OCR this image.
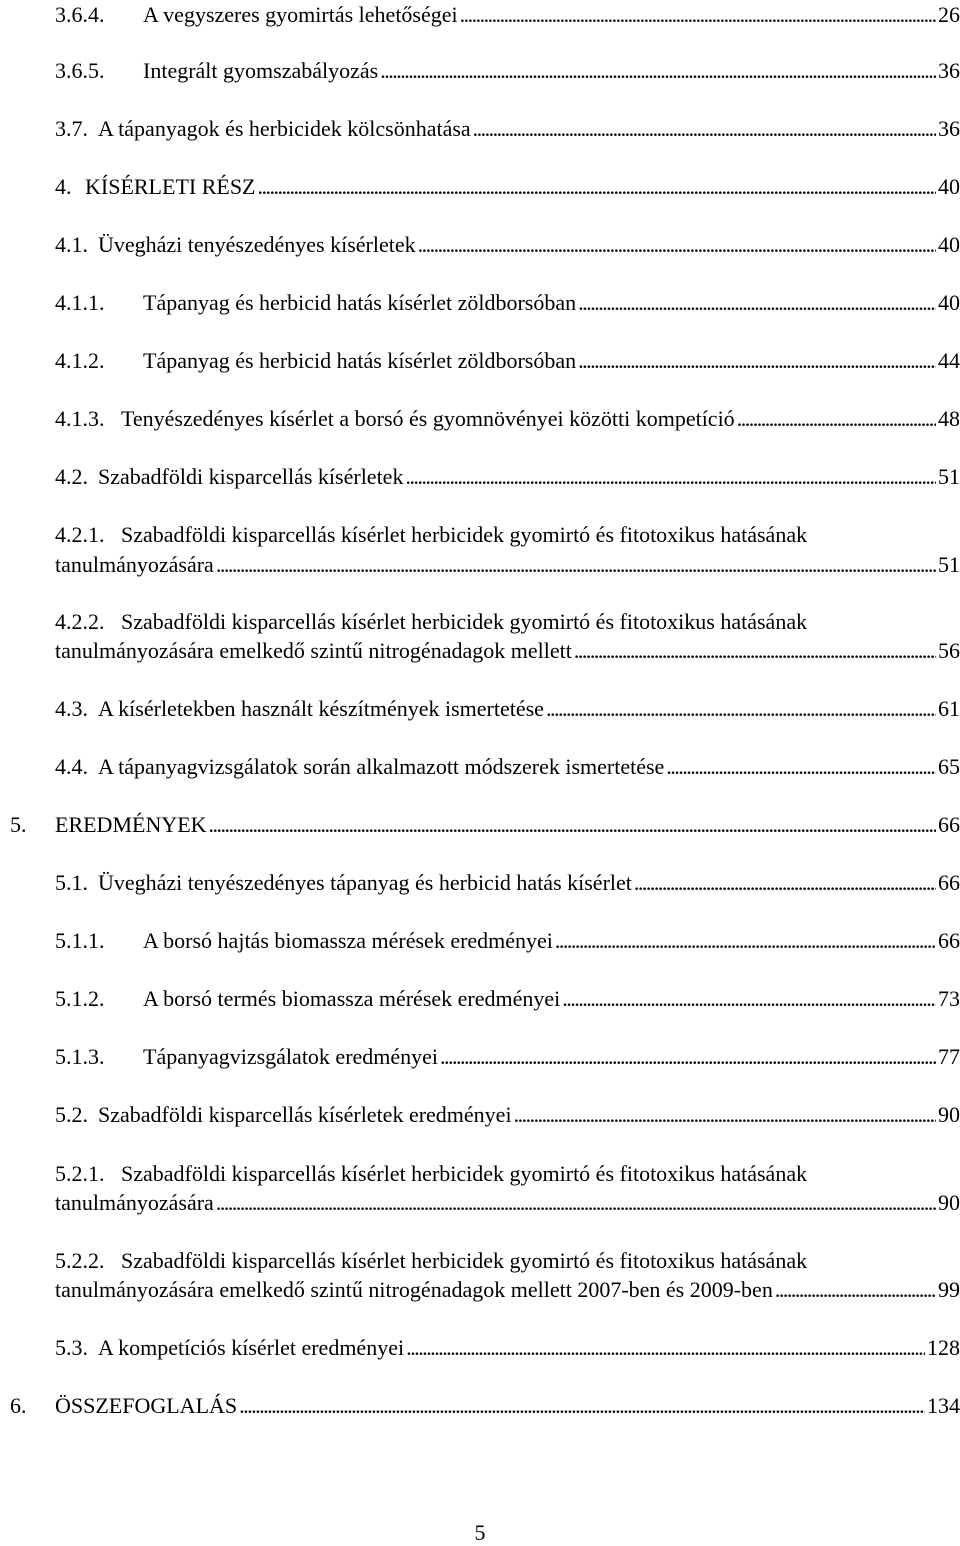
3.6.4. A vegyszeres gyomirtás lehetőségei . . .	26
3.6.5. Integrált gyomszabályozás . . .	36
3.7. A tápanyagok és herbicidek kölcsönhatása . . .	36
4. KÍSÉRLETI RÉSZ . . .	40
4.1. Üvegházi tenyészedényes kísérletek . . .	40
4.1.1. Tápanyag és herbicid hatás kísérlet zöldborsóban . . .	40
4.1.2. Tápanyag és herbicid hatás kísérlet zöldborsóban . . .	44
4.1.3. Tenyészedényes kísérlet a borsó és gyomnövényei közötti kompetíció . . .	48
4.2. Szabadföldi kisparcellás kísérletek . . .	51
4.2.1. Szabadföldi kisparcellás kísérlet herbicidek gyomirtó és fitotoxikus hatásának
tanulmányozására . . .	51
4.2.2. Szabadföldi kisparcellás kísérlet herbicidek gyomirtó és fitotoxikus hatásának
tanulmányozására emelkedő szintű nitrogénadagok mellett . . .	56
4.3. A kísérletekben használt készítmények ismertetése . . .	61
4.4. A tápanyagvizsgálatok során alkalmazott módszerek ismertetése . . .	65
5. EREDMÉNYEK . . .	66
5.1. Üvegházi tenyészedényes tápanyag és herbicid hatás kísérlet . . .	66
5.1.1. A borsó hajtás biomassza mérések eredményei . . .	66
5.1.2. A borsó termés biomassza mérések eredményei . . .	73
5.1.3. Tápanyagvizsgálatok eredményei . . .	77
5.2. Szabadföldi kisparcellás kísérletek eredményei . . .	90
5.2.1. Szabadföldi kisparcellás kísérlet herbicidek gyomirtó és fitotoxikus hatásának
tanulmányozására . . .	90
5.2.2. Szabadföldi kisparcellás kísérlet herbicidek gyomirtó és fitotoxikus hatásának
tanulmányozására emelkedő szintű nitrogénadagok mellett 2007-ben és 2009-ben . . .	99
5.3. A kompetíciós kísérlet eredményei . . .	128
6. ÖSSZEFOGLALÁS . . .	134
5
